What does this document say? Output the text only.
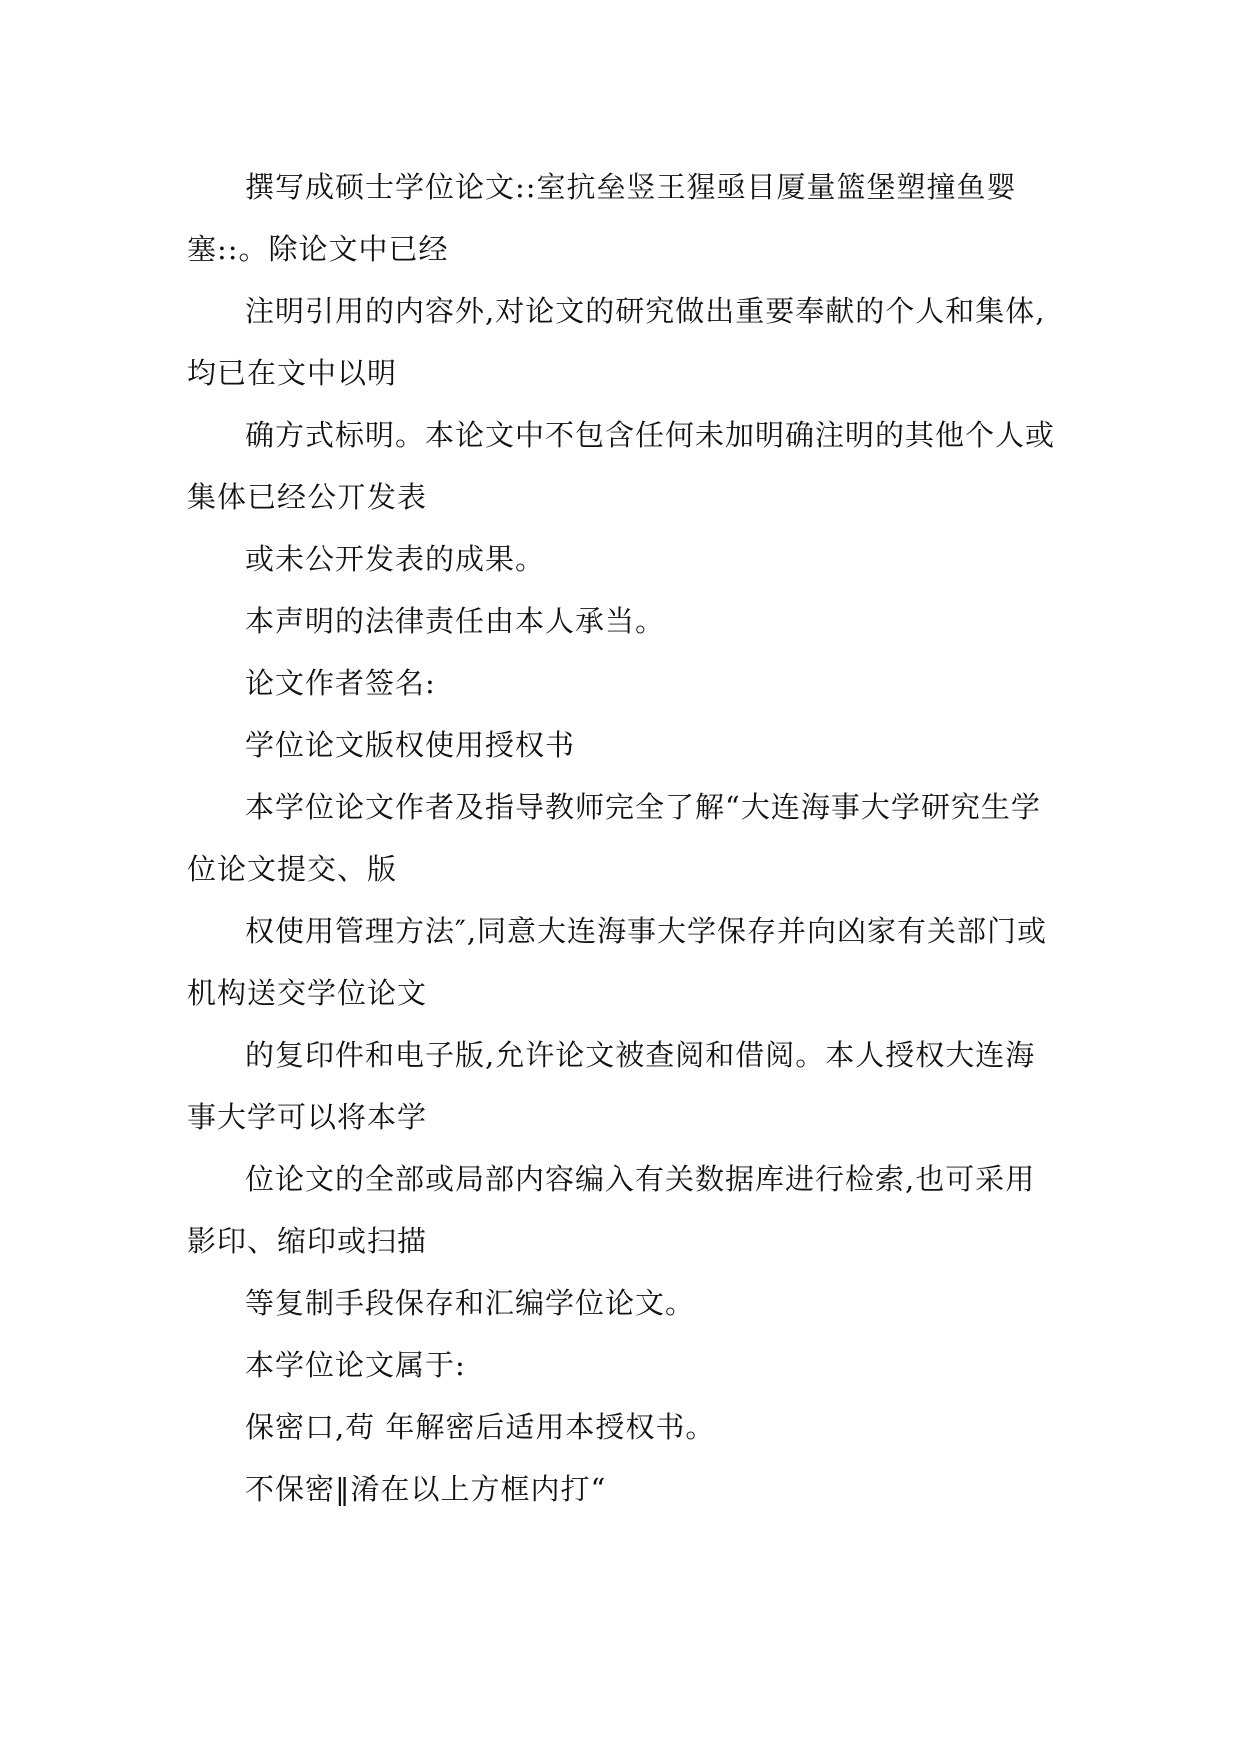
撰写成硕士学位论文::室抗垒竖王猩亟目厦量篮堡塑撞鱼婴塞::。除论文中已经

注明引用的内容外,对论文的研究做出重要奉献的个人和集体,均已在文中以明

确方式标明。本论文中不包含任何未加明确注明的其他个人或集体已经公丌发表

或未公开发表的成果。

本声明的法律责任由本人承当。

论文作者签名:

学位论文版权使用授权书

本学位论文作者及指导教师完全了解“大连海事大学研究生学位论文提交、版

权使用管理方法″,同意大连海事大学保存并向凶家有关部门或机构送交学位论文

的复印件和电子版,允许论文被查阅和借阅。本人授权大连海事大学可以将本学

位论文的全部或局部内容编入有关数据库进行检索,也可采用影印、缩印或扫描

等复制手段保存和汇编学位论文。

本学位论文属于:

保密口,苟 年解密后适用本授权书。

不保密‖淆在以上方框内打“
